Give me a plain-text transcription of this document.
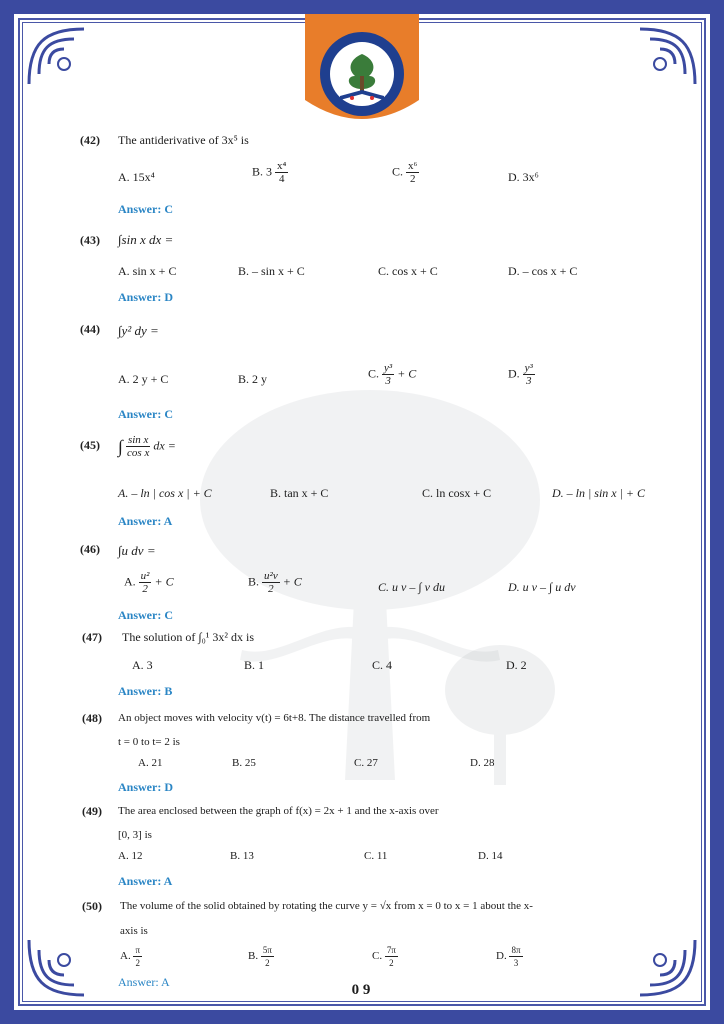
(42) The antiderivative of 3x⁵ is
A. 15x⁴	B. $3 \frac{\text{x⁴}}{4}$	C. $\frac{\text{x⁶}}{2}$	D. 3x⁶
Answer: C
(43) ∫sin x dx =
A. sin x + C	B. – sin x + C	C. cos x + C	D. – cos x + C
Answer: D
(44) ∫y² dy =
A. 2 y + C	B. 2 y	C. $\frac{\text{y³}}{3} + C$	D. $\frac{\text{y³}}{3}$
Answer: C
(45) ∫ $\frac{\text{sin x}}{\text{cos x}}$ dx =
A. – ln | cos x | + C	B. tan x + C	C. ln cosx + C	D. – ln | sin x | + C
Answer: A
(46) ∫u dv =
A. $\frac{\text{u²}}{2} + C$	B. $\frac{\text{u²v}}{2} + C$	C. u v – ∫ v du	D. u v – ∫ u dv
Answer: C
(47) The solution of ∫₀¹ 3x² dx is
A. 3	B. 1	C. 4	D. 2
Answer: B
(48) An object moves with velocity v(t) = 6t+8. The distance travelled from
t = 0 to t= 2 is
A. 21	B. 25	C. 27	D. 28
Answer: D
(49) The area enclosed between the graph of f(x) = 2x + 1 and the x-axis over
[0, 3] is
A. 12	B. 13	C. 11	D. 14
Answer: A
(50) The volume of the solid obtained by rotating the curve y = √x from x = 0 to x = 1 about the x-
axis is
A. $\frac{\pi}{2}$	B. $\frac{5\pi}{2}$	C. $\frac{7\pi}{2}$	D. $\frac{8\pi}{3}$
Answer: A	0 9
